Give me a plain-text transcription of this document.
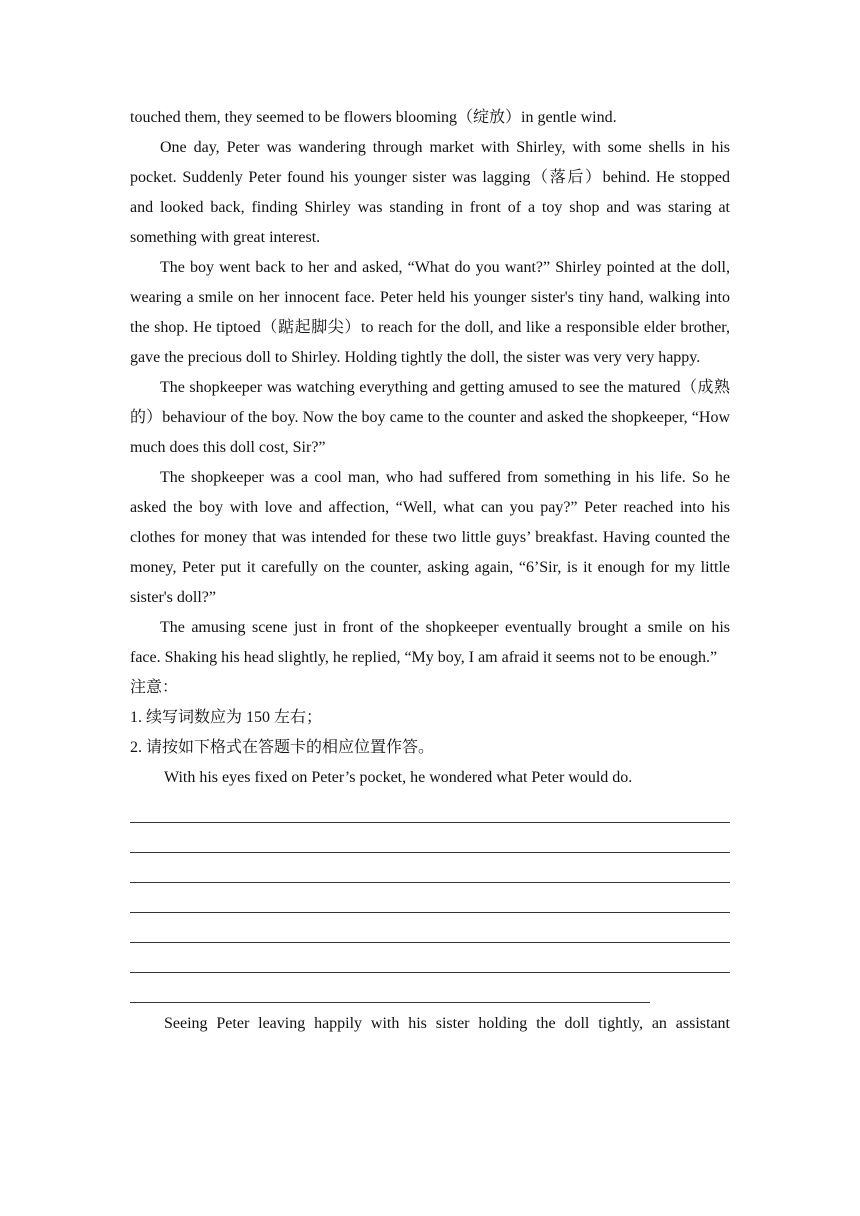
touched them, they seemed to be flowers blooming（绽放）in gentle wind.

One day, Peter was wandering through market with Shirley, with some shells in his pocket. Suddenly Peter found his younger sister was lagging（落后）behind. He stopped and looked back, finding Shirley was standing in front of a toy shop and was staring at something with great interest.

The boy went back to her and asked, “What do you want?” Shirley pointed at the doll, wearing a smile on her innocent face. Peter held his younger sister's tiny hand, walking into the shop. He tiptoed（踮起脚尖）to reach for the doll, and like a responsible elder brother, gave the precious doll to Shirley. Holding tightly the doll, the sister was very very happy.

The shopkeeper was watching everything and getting amused to see the matured（成熟的）behaviour of the boy. Now the boy came to the counter and asked the shopkeeper, “How much does this doll cost, Sir?”

The shopkeeper was a cool man, who had suffered from something in his life. So he asked the boy with love and affection, “Well, what can you pay?” Peter reached into his clothes for money that was intended for these two little guys’ breakfast. Having counted the money, Peter put it carefully on the counter, asking again, “6’Sir, is it enough for my little sister's doll?”

The amusing scene just in front of the shopkeeper eventually brought a smile on his face. Shaking his head slightly, he replied, “My boy, I am afraid it seems not to be enough.”

注意：

1. 续写词数应为 150 左右；

2. 请按如下格式在答题卡的相应位置作答。

With his eyes fixed on Peter’s pocket, he wondered what Peter would do.

Seeing Peter leaving happily with his sister holding the doll tightly, an assistant
